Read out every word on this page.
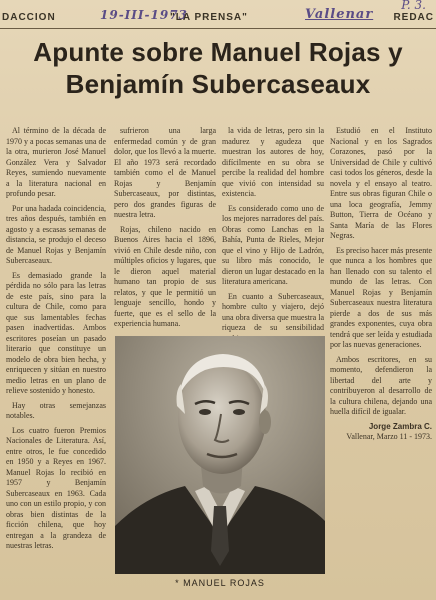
DACCION	19-III-1973
"LA PRENSA"	Vallenar REDAC
P. 3.
Apunte sobre Manuel Rojas y
Benjamín Subercaseaux

Al término de la década de 1970 y a pocas semanas una de la otra, murieron José Manuel González Vera y Salvador Reyes, sumiendo nuevamente a la literatura nacional en profundo pesar.

Por una hadada coincidencia, tres años después, también en agosto y a escasas semanas de distancia, se produjo el deceso de Manuel Rojas y Benjamín Subercaseaux.

Es demasiado grande la pérdida no sólo para las letras de este país, sino para la cultura de Chile, como para que sus lamentables fechas pasen inadvertidas. Ambos escritores poseían un pasado literario que constituye un modelo de obra bien hecha, y enriquecen y sitúan en nuestro medio letras en un plano de relieve sostenido y honesto.

Hay otras semejanzas notables.

Los cuatro fueron Premios Nacionales de Literatura. Así, entre otros, le fue concedido en 1950 y a Reyes en 1967. Manuel Rojas lo recibió en 1957 y Benjamín Subercaseaux en 1963. Cada uno con un estilo propio, y con obras bien distintas de la ficción chilena, que hoy entregan a la grandeza de nuestras letras.

sufrieron una larga enfermedad común y de gran dolor, que los llevó a la muerte. El año 1973 será recordado también como el de Manuel Rojas y Benjamín Subercaseaux, por distintas, pero dos grandes figuras de nuestra letra.

Rojas, chileno nacido en Buenos Aires hacia el 1896, vivió en Chile desde niño, con múltiples oficios y lugares, que le dieron aquel material humano tan propio de sus relatos, y que le permitió un lenguaje sencillo, hondo y fuerte, que es el sello de la experiencia humana.

la vida de letras, pero sin la madurez y agudeza que muestran los autores de hoy, difícilmente en su obra se percibe la realidad del hombre que vivió con intensidad su existencia.

Es considerado como uno de los mejores narradores del país. Obras como Lanchas en la Bahía, Punta de Rieles, Mejor que el vino y Hijo de Ladrón, su libro más conocido, le dieron un lugar destacado en la literatura americana.

En cuanto a Subercaseaux, hombre culto y viajero, dejó una obra diversa que muestra la riqueza de su sensibilidad

Estudió en el Instituto Nacional y en los Sagrados Corazones, pasó por la Universidad de Chile y cultivó casi todos los géneros, desde la novela y el ensayo al teatro. Entre sus obras figuran Chile o una loca geografía, Jemmy Button, Tierra de Océano y Santa María de las Flores Negras.

Es preciso hacer más presente que nunca a los hombres que han llenado con su talento el mundo de las letras. Con Manuel Rojas y Benjamín Subercaseaux nuestra literatura pierde a dos de sus más grandes exponentes, cuya obra tendrá que ser leída y estudiada por las nuevas generaciones.

Ambos escritores, en su momento, defendieron la libertad del arte y contribuyeron al desarrollo de la cultura chilena, dejando una huella difícil de igualar.

Jorge Zambra C.
Vallenar, Marzo 11 - 1973.
* MANUEL ROJAS
